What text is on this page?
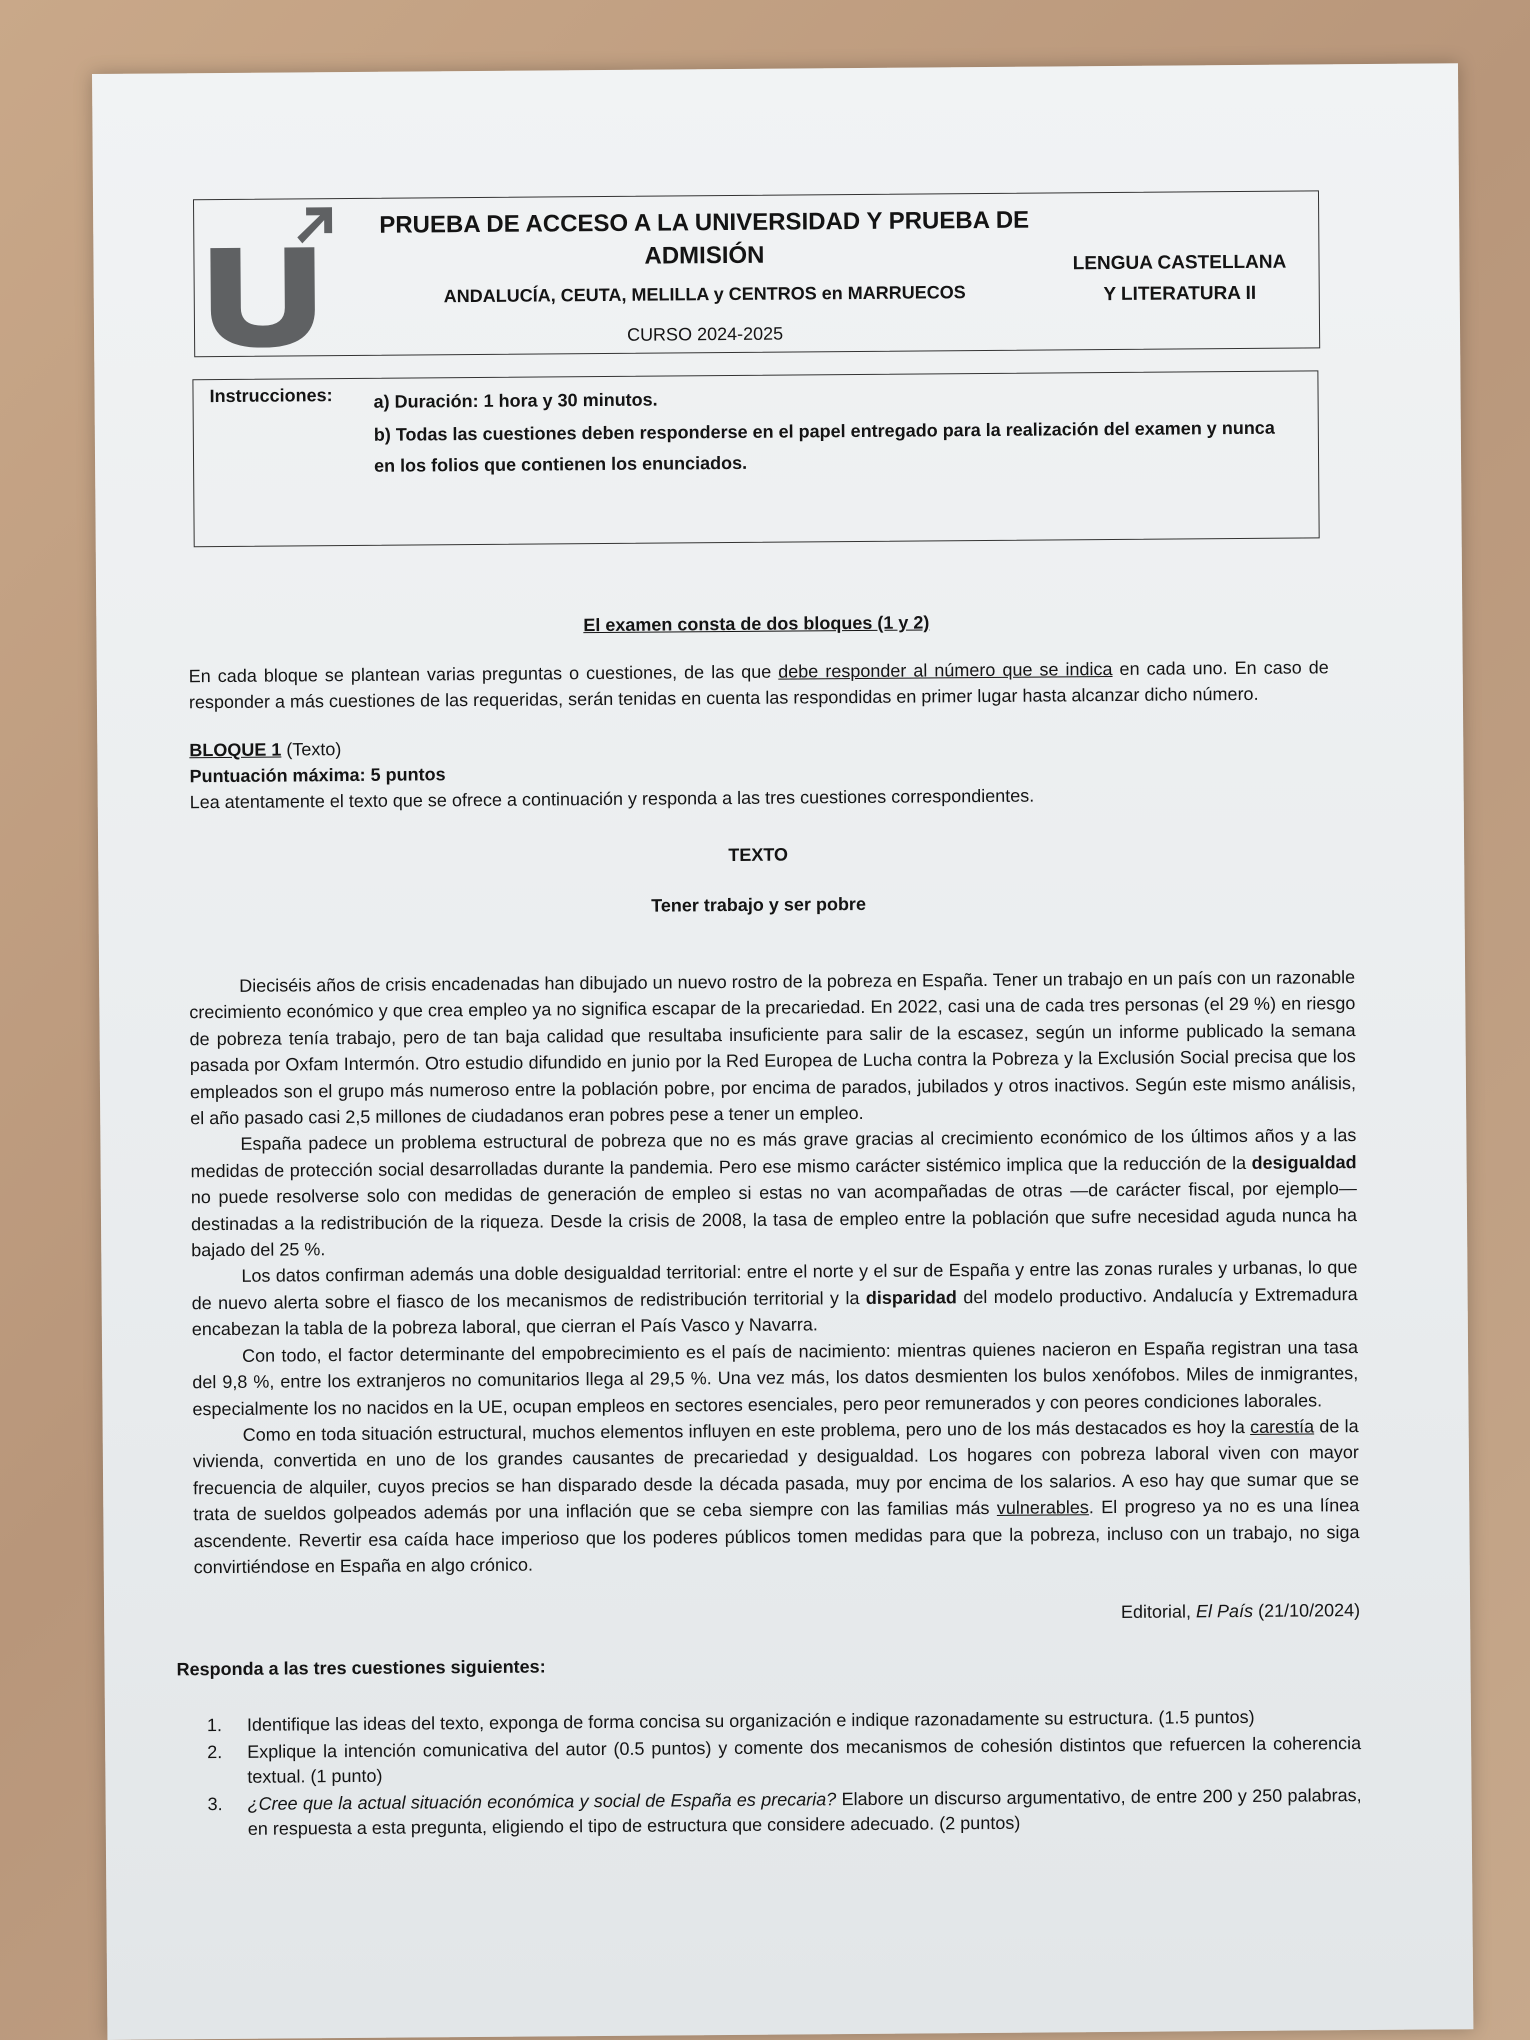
PRUEBA DE ACCESO A LA UNIVERSIDAD Y PRUEBA DE ADMISIÓN
ANDALUCÍA, CEUTA, MELILLA y CENTROS en MARRUECOS
CURSO 2024-2025
LENGUA CASTELLANA
Y LITERATURA II
Instrucciones: a) Duración: 1 hora y 30 minutos.

b) Todas las cuestiones deben responderse en el papel entregado para la realización del examen y nunca en los folios que contienen los enunciados.

El examen consta de dos bloques (1 y 2)

En cada bloque se plantean varias preguntas o cuestiones, de las que debe responder al número que se indica en cada uno. En caso de responder a más cuestiones de las requeridas, serán tenidas en cuenta las respondidas en primer lugar hasta alcanzar dicho número.

BLOQUE 1 (Texto)

Puntuación máxima: 5 puntos

Lea atentamente el texto que se ofrece a continuación y responda a las tres cuestiones correspondientes.

TEXTO
Tener trabajo y ser pobre

Dieciséis años de crisis encadenadas han dibujado un nuevo rostro de la pobreza en España. Tener un trabajo en un país con un razonable crecimiento económico y que crea empleo ya no significa escapar de la precariedad. En 2022, casi una de cada tres personas (el 29 %) en riesgo de pobreza tenía trabajo, pero de tan baja calidad que resultaba insuficiente para salir de la escasez, según un informe publicado la semana pasada por Oxfam Intermón. Otro estudio difundido en junio por la Red Europea de Lucha contra la Pobreza y la Exclusión Social precisa que los empleados son el grupo más numeroso entre la población pobre, por encima de parados, jubilados y otros inactivos. Según este mismo análisis, el año pasado casi 2,5 millones de ciudadanos eran pobres pese a tener un empleo.

España padece un problema estructural de pobreza que no es más grave gracias al crecimiento económico de los últimos años y a las medidas de protección social desarrolladas durante la pandemia. Pero ese mismo carácter sistémico implica que la reducción de la desigualdad no puede resolverse solo con medidas de generación de empleo si estas no van acompañadas de otras —de carácter fiscal, por ejemplo— destinadas a la redistribución de la riqueza. Desde la crisis de 2008, la tasa de empleo entre la población que sufre necesidad aguda nunca ha bajado del 25 %.

Los datos confirman además una doble desigualdad territorial: entre el norte y el sur de España y entre las zonas rurales y urbanas, lo que de nuevo alerta sobre el fiasco de los mecanismos de redistribución territorial y la disparidad del modelo productivo. Andalucía y Extremadura encabezan la tabla de la pobreza laboral, que cierran el País Vasco y Navarra.

Con todo, el factor determinante del empobrecimiento es el país de nacimiento: mientras quienes nacieron en España registran una tasa del 9,8 %, entre los extranjeros no comunitarios llega al 29,5 %. Una vez más, los datos desmienten los bulos xenófobos. Miles de inmigrantes, especialmente los no nacidos en la UE, ocupan empleos en sectores esenciales, pero peor remunerados y con peores condiciones laborales.

Como en toda situación estructural, muchos elementos influyen en este problema, pero uno de los más destacados es hoy la carestía de la vivienda, convertida en uno de los grandes causantes de precariedad y desigualdad. Los hogares con pobreza laboral viven con mayor frecuencia de alquiler, cuyos precios se han disparado desde la década pasada, muy por encima de los salarios. A eso hay que sumar que se trata de sueldos golpeados además por una inflación que se ceba siempre con las familias más vulnerables. El progreso ya no es una línea ascendente. Revertir esa caída hace imperioso que los poderes públicos tomen medidas para que la pobreza, incluso con un trabajo, no siga convirtiéndose en España en algo crónico.

Editorial, El País (21/10/2024)
Responda a las tres cuestiones siguientes:
1. Identifique las ideas del texto, exponga de forma concisa su organización e indique razonadamente su estructura. (1.5 puntos)
2. Explique la intención comunicativa del autor (0.5 puntos) y comente dos mecanismos de cohesión distintos que refuercen la coherencia textual. (1 punto)
3. ¿Cree que la actual situación económica y social de España es precaria? Elabore un discurso argumentativo, de entre 200 y 250 palabras, en respuesta a esta pregunta, eligiendo el tipo de estructura que considere adecuado. (2 puntos)
